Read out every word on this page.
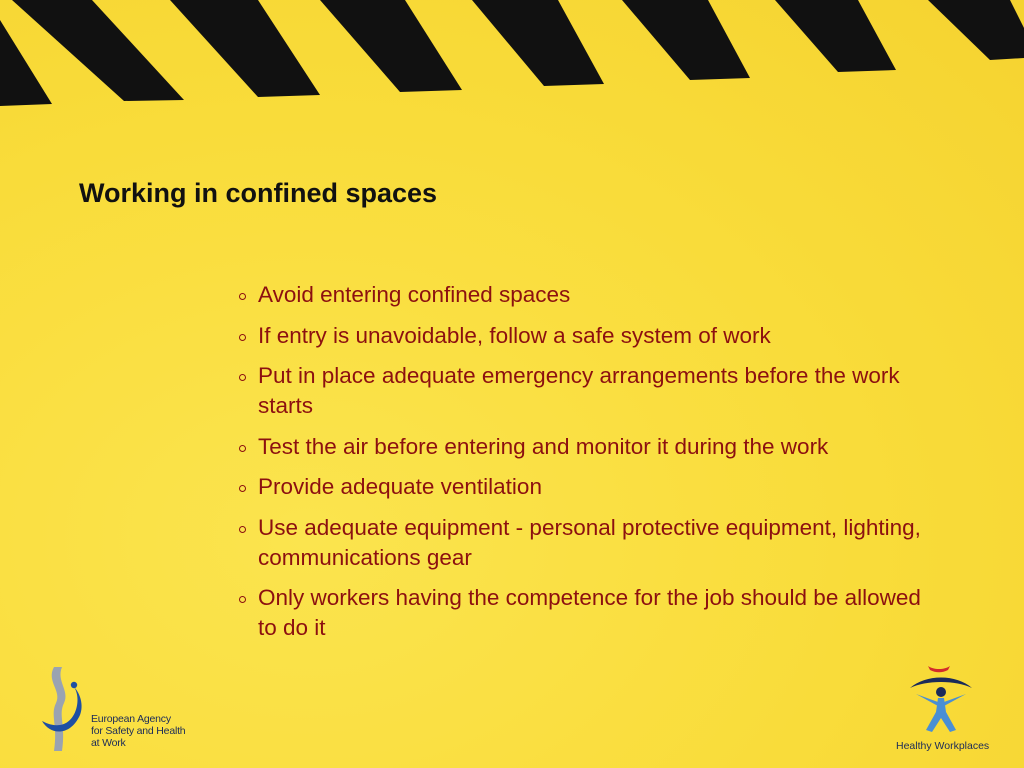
Working in confined spaces
Avoid entering confined spaces
If entry is unavoidable, follow a safe system of work
Put in place adequate emergency arrangements before the work starts
Test the air before entering and monitor it during the work
Provide adequate ventilation
Use adequate equipment - personal protective equipment, lighting, communications gear
Only workers having the competence for the job should be allowed to do it
European Agency
for Safety and Health
at Work	Healthy Workplaces
